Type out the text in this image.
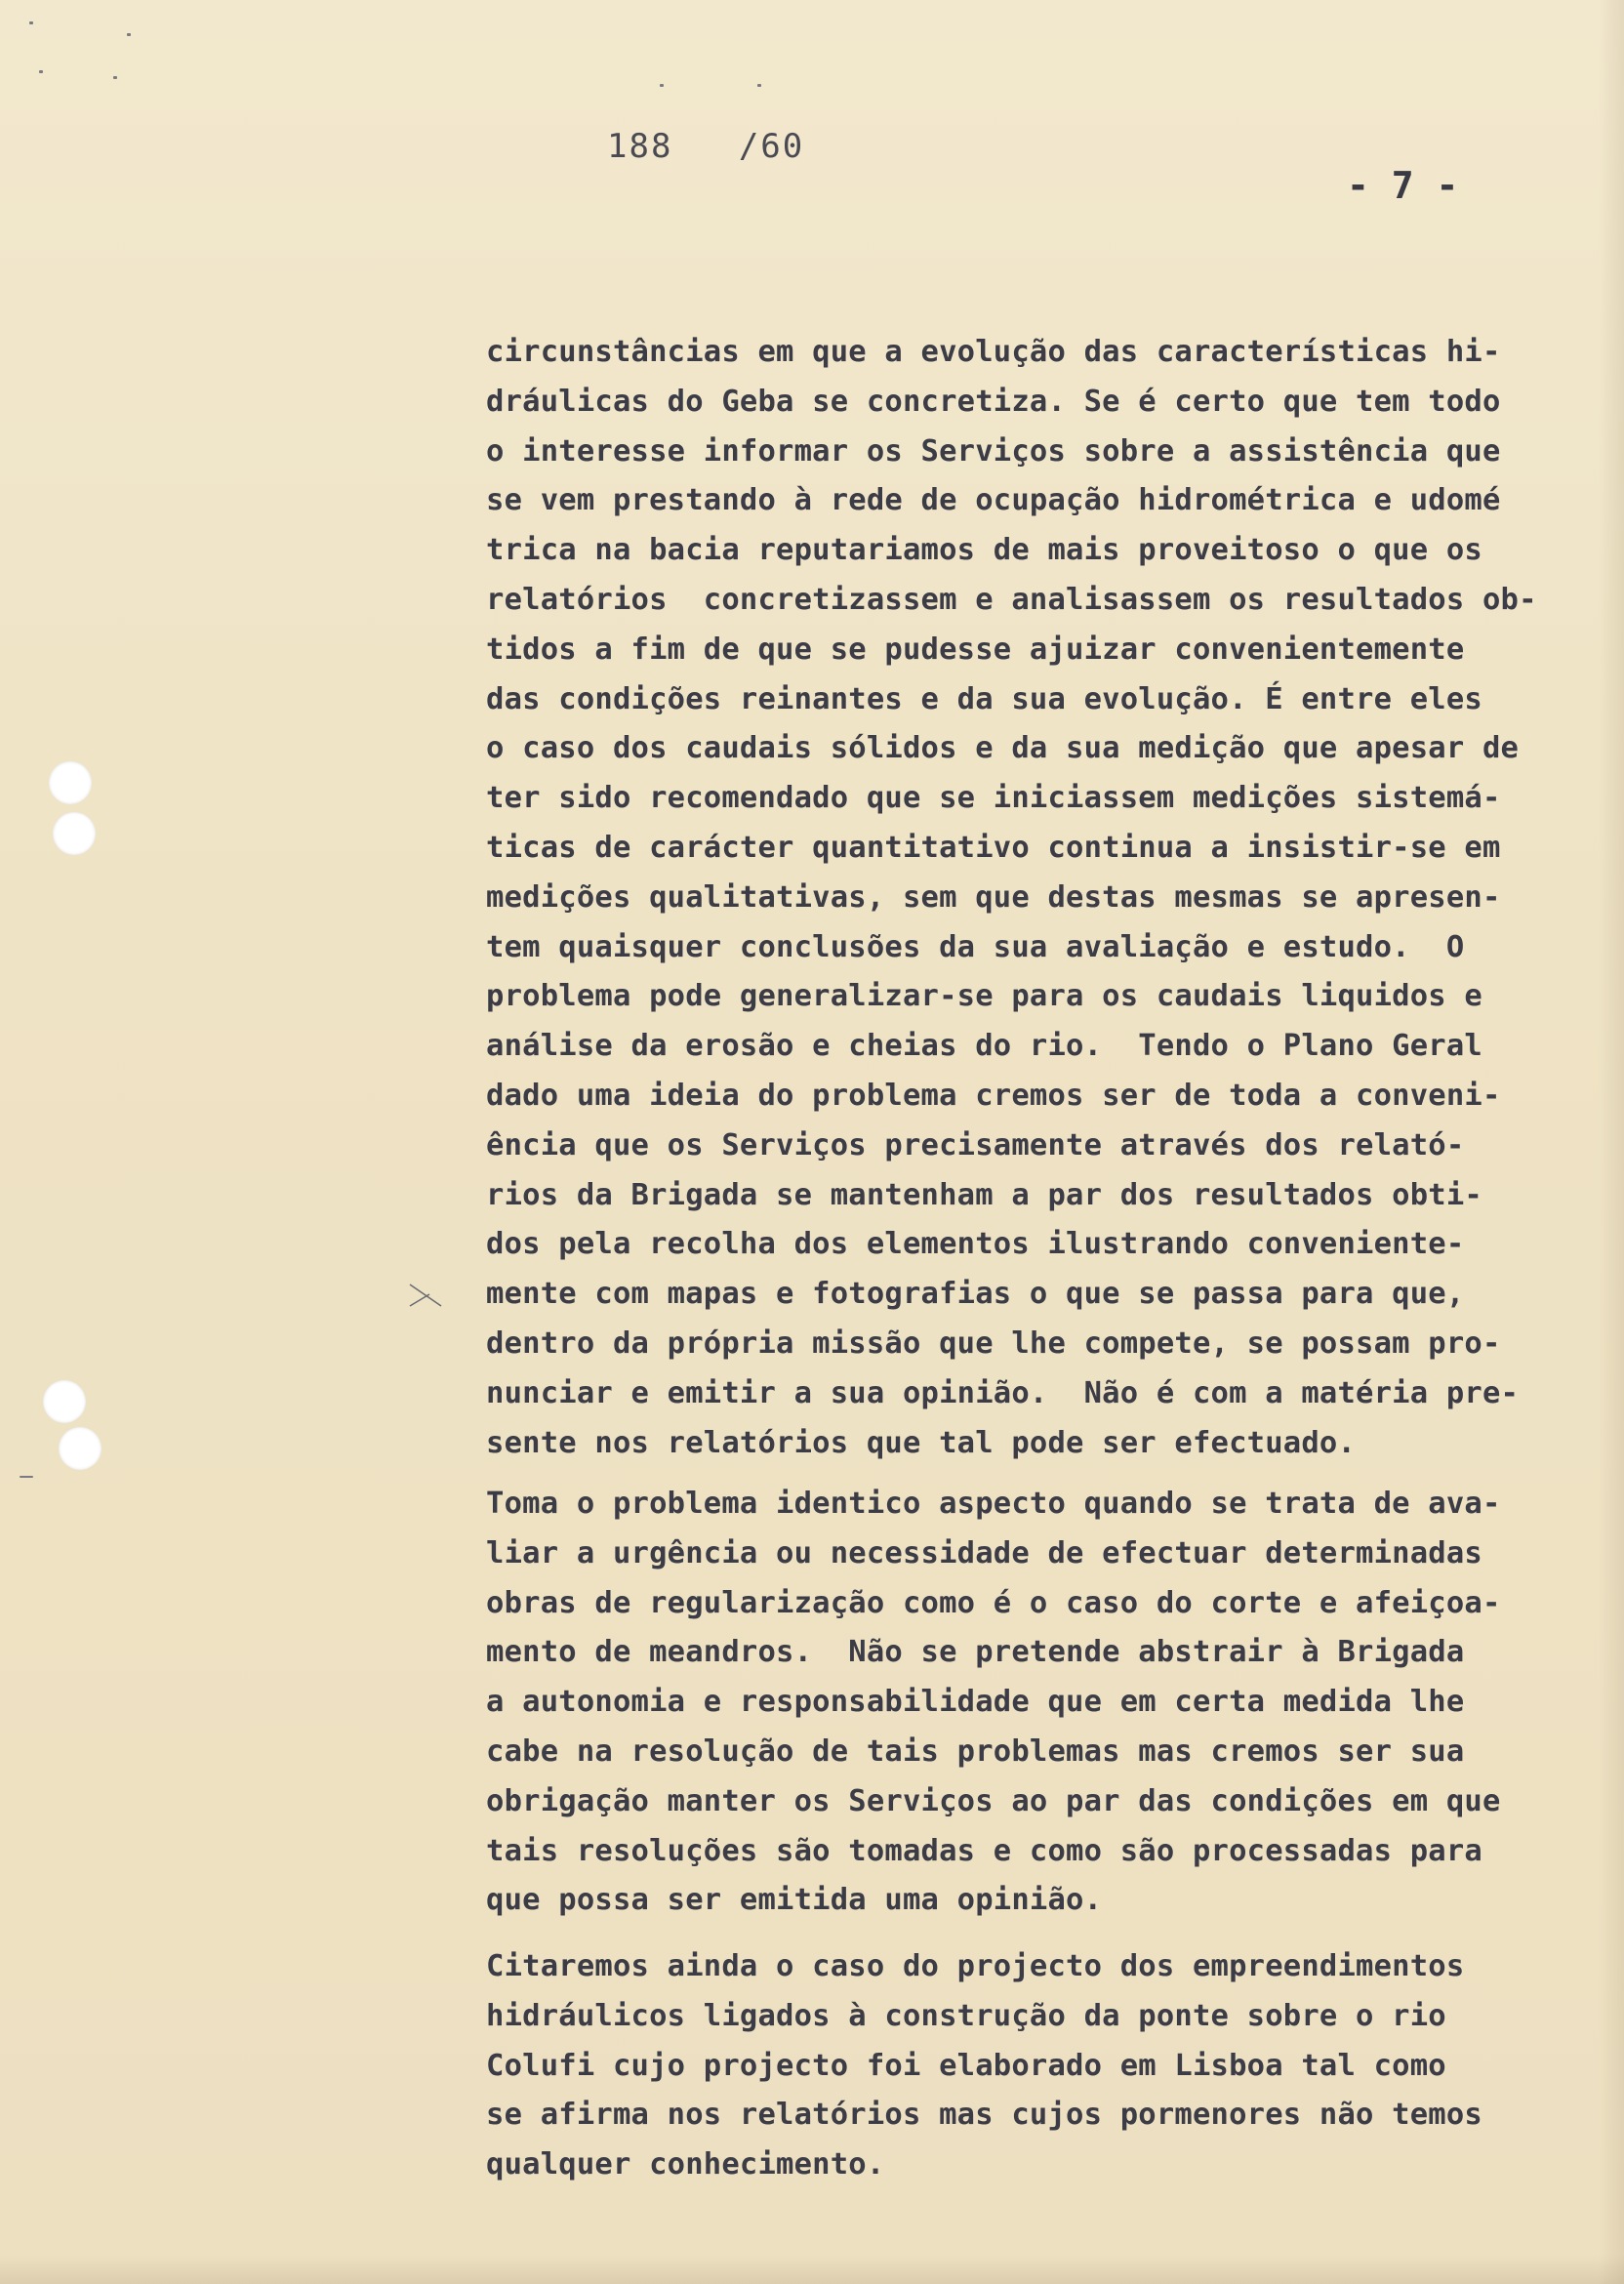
188   /60
- 7 -
circunstâncias em que a evolução das características hi-
dráulicas do Geba se concretiza. Se é certo que tem todo
o interesse informar os Serviços sobre a assistência que
se vem prestando à rede de ocupação hidrométrica e udomé
trica na bacia reputariamos de mais proveitoso o que os
relatórios  concretizassem e analisassem os resultados ob-
tidos a fim de que se pudesse ajuizar convenientemente
das condições reinantes e da sua evolução. É entre eles
o caso dos caudais sólidos e da sua medição que apesar de
ter sido recomendado que se iniciassem medições sistemá-
ticas de carácter quantitativo continua a insistir-se em
medições qualitativas, sem que destas mesmas se apresen-
tem quaisquer conclusões da sua avaliação e estudo.  O
problema pode generalizar-se para os caudais liquidos e
análise da erosão e cheias do rio.  Tendo o Plano Geral
dado uma ideia do problema cremos ser de toda a conveni-
ência que os Serviços precisamente através dos relató-
rios da Brigada se mantenham a par dos resultados obti-
dos pela recolha dos elementos ilustrando conveniente-
mente com mapas e fotografias o que se passa para que,
dentro da própria missão que lhe compete, se possam pro-
nunciar e emitir a sua opinião.  Não é com a matéria pre-
sente nos relatórios que tal pode ser efectuado.
Toma o problema identico aspecto quando se trata de ava-
liar a urgência ou necessidade de efectuar determinadas
obras de regularização como é o caso do corte e afeiçoa-
mento de meandros.  Não se pretende abstrair à Brigada
a autonomia e responsabilidade que em certa medida lhe
cabe na resolução de tais problemas mas cremos ser sua
obrigação manter os Serviços ao par das condições em que
tais resoluções são tomadas e como são processadas para
que possa ser emitida uma opinião.
Citaremos ainda o caso do projecto dos empreendimentos
hidráulicos ligados à construção da ponte sobre o rio
Colufi cujo projecto foi elaborado em Lisboa tal como
se afirma nos relatórios mas cujos pormenores não temos
qualquer conhecimento.
